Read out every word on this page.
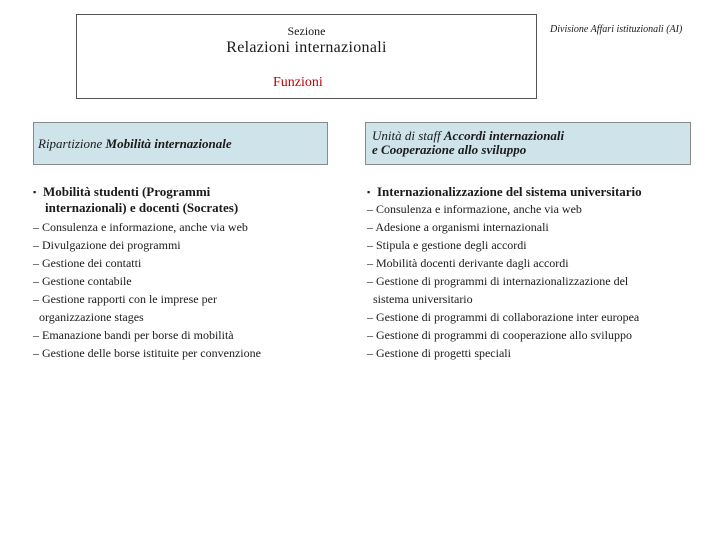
Sezione
Relazioni internazionali
Divisione Affari istituzionali (AI)
Funzioni
Ripartizione Mobilità internazionale
Unità di staff Accordi internazionali
e Cooperazione allo sviluppo
▪ Mobilità studenti (Programmi
internazionali) e docenti (Socrates)
– Consulenza e informazione, anche via web
– Divulgazione dei programmi
– Gestione dei contatti
– Gestione contabile
– Gestione rapporti con le imprese per
organizzazione stages
– Emanazione bandi per borse di mobilità
– Gestione delle borse istituite per convenzione
▪ Internazionalizzazione del sistema universitario
– Consulenza e informazione, anche via web
– Adesione a organismi internazionali
– Stipula e gestione degli accordi
– Mobilità docenti derivante dagli accordi
– Gestione di programmi di internazionalizzazione del
sistema universitario
– Gestione di programmi di collaborazione inter europea
– Gestione di programmi di cooperazione allo sviluppo
– Gestione di progetti speciali
